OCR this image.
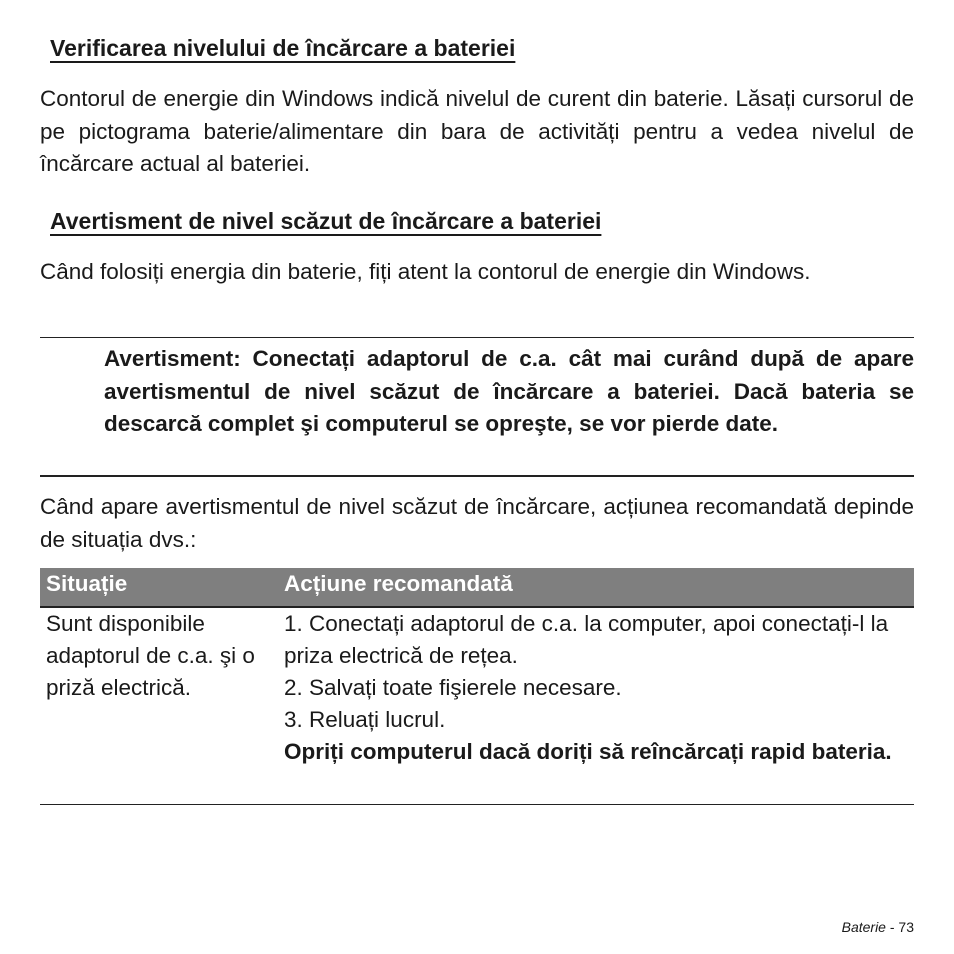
Verificarea nivelului de încărcare a bateriei

Contorul de energie din Windows indică nivelul de curent din baterie. Lăsați cursorul de pe pictograma baterie/alimentare din bara de activități pentru a vedea nivelul de încărcare actual al bateriei.

Avertisment de nivel scăzut de încărcare a bateriei

Când folosiți energia din baterie, fiți atent la contorul de energie din Windows.

Avertisment: Conectați adaptorul de c.a. cât mai curând după de apare avertismentul de nivel scăzut de încărcare a bateriei. Dacă bateria se descarcă complet şi computerul se opreşte, se vor pierde date.

Când apare avertismentul de nivel scăzut de încărcare, acțiunea recomandată depinde de situația dvs.:

Situație	Acțiune recomandată
Sunt disponibile adaptorul de c.a. şi o priză electrică.
1. Conectați adaptorul de c.a. la computer, apoi conectați-l la priza electrică de rețea.
2. Salvați toate fişierele necesare.
3. Reluați lucrul.
Opriți computerul dacă doriți să reîncărcați rapid bateria.
Baterie - 73
